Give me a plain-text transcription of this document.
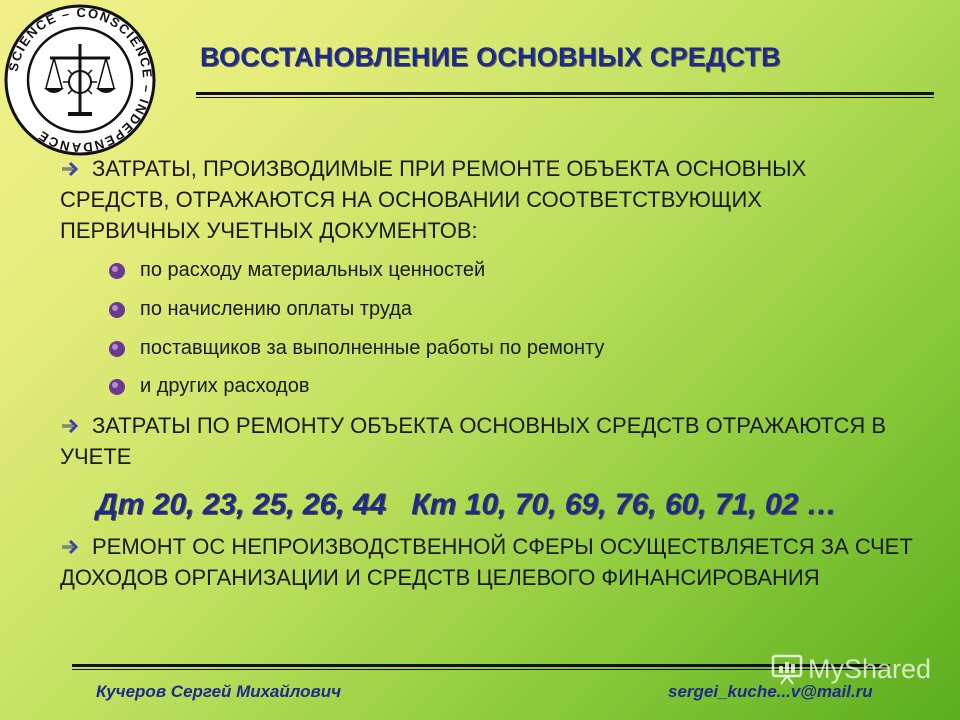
SCIENCE – CONSCIENCE – INDEPENDANCE
ВОССТАНОВЛЕНИЕ ОСНОВНЫХ СРЕДСТВ
ЗАТРАТЫ, ПРОИЗВОДИМЫЕ ПРИ РЕМОНТЕ ОБЪЕКТА ОСНОВНЫХ СРЕДСТВ, ОТРАЖАЮТСЯ НА ОСНОВАНИИ СООТВЕТСТВУЮЩИХ ПЕРВИЧНЫХ УЧЕТНЫХ ДОКУМЕНТОВ:
по расходу материальных ценностей
по начислению оплаты труда
поставщиков за выполненные работы по ремонту
и других расходов
ЗАТРАТЫ ПО РЕМОНТУ ОБЪЕКТА ОСНОВНЫХ СРЕДСТВ ОТРАЖАЮТСЯ В УЧЕТЕ
Дт 20, 23, 25, 26, 44   Кт 10, 70, 69, 76, 60, 71, 02 …
РЕМОНТ ОС НЕПРОИЗВОДСТВЕННОЙ СФЕРЫ ОСУЩЕСТВЛЯЕТСЯ ЗА СЧЕТ ДОХОДОВ ОРГАНИЗАЦИИ И СРЕДСТВ ЦЕЛЕВОГО ФИНАНСИРОВАНИЯ
Кучеров Сергей Михайлович	sergei_kuche...v@mail.ru
MyShared
